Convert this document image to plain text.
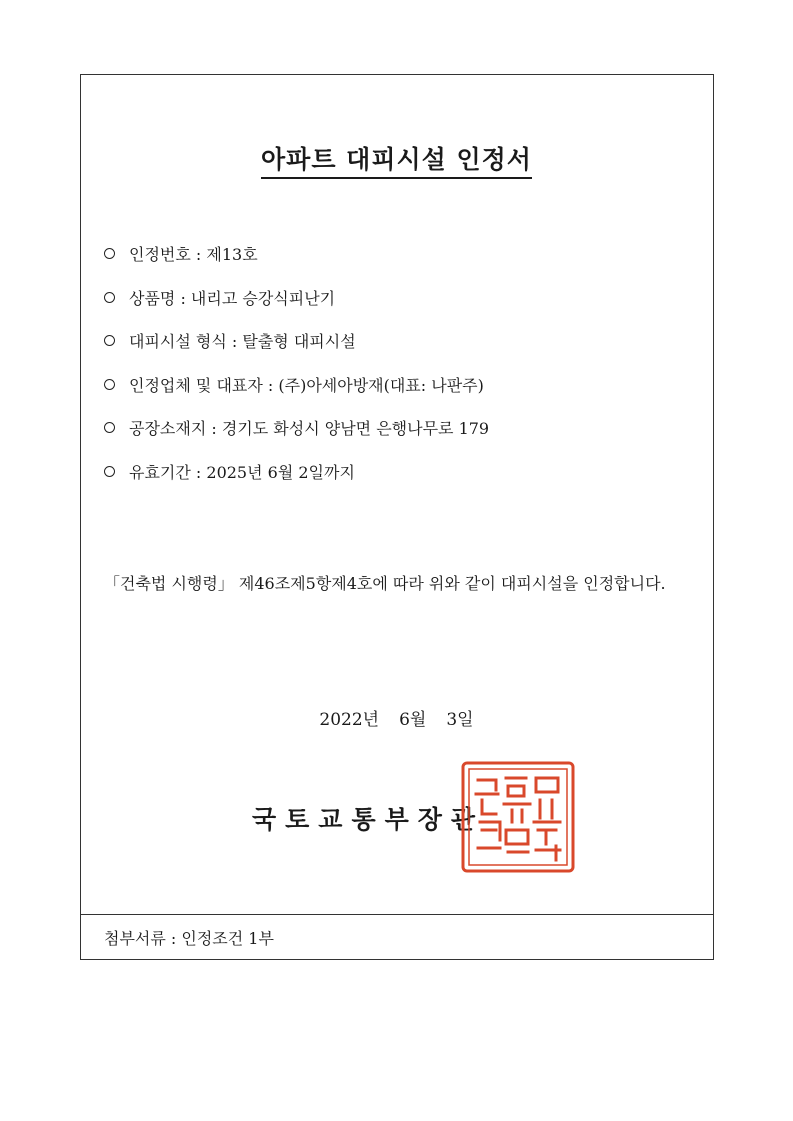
아파트 대피시설 인정서
인정번호 : 제13호
상품명 : 내리고 승강식피난기
대피시설 형식 : 탈출형 대피시설
인정업체 및 대표자 : (주)아세아방재(대표: 나판주)
공장소재지 : 경기도 화성시 양남면 은행나무로 179
유효기간 : 2025년 6월 2일까지
「건축법 시행령」 제46조제5항제4호에 따라 위와 같이 대피시설을 인정합니다.
2022년 6월 3일
국토교통부장관
첨부서류 : 인정조건 1부
